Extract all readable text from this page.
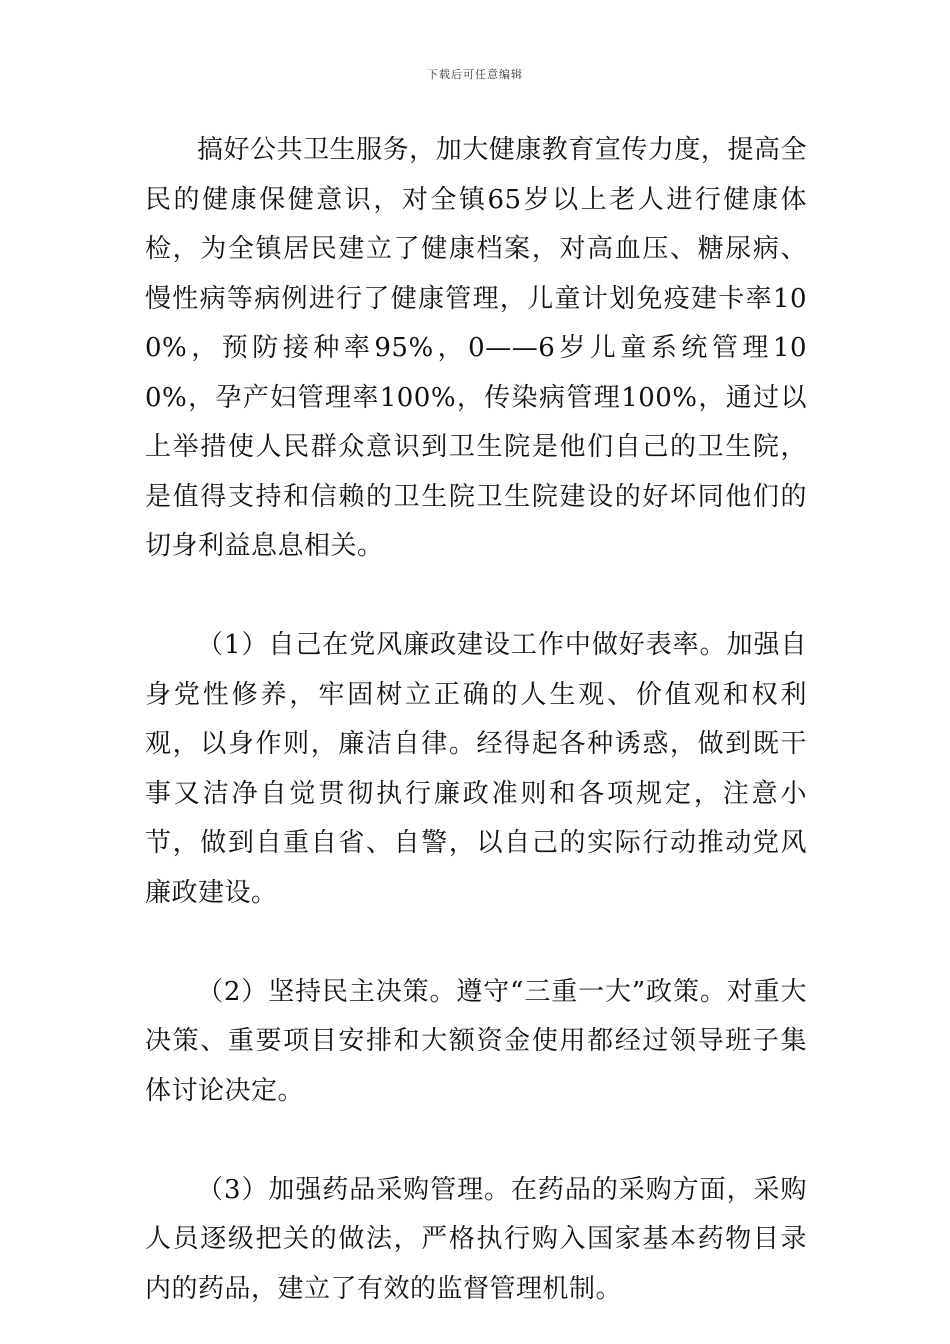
下载后可任意编辑

搞好公共卫生服务，加大健康教育宣传力度，提高全民的健康保健意识，对全镇65岁以上老人进行健康体检，为全镇居民建立了健康档案，对高血压、糖尿病、慢性病等病例进行了健康管理，儿童计划免疫建卡率100%，预防接种率95%，0——6岁儿童系统管理100%，孕产妇管理率100%，传染病管理100%，通过以上举措使人民群众意识到卫生院是他们自己的卫生院，是值得支持和信赖的卫生院卫生院建设的好坏同他们的切身利益息息相关。

（1）自己在党风廉政建设工作中做好表率。加强自身党性修养，牢固树立正确的人生观、价值观和权利观，以身作则，廉洁自律。经得起各种诱惑，做到既干事又洁净自觉贯彻执行廉政准则和各项规定，注意小节，做到自重自省、自警，以自己的实际行动推动党风廉政建设。

（2）坚持民主决策。遵守“三重一大”政策。对重大决策、重要项目安排和大额资金使用都经过领导班子集体讨论决定。

（3）加强药品采购管理。在药品的采购方面，采购人员逐级把关的做法，严格执行购入国家基本药物目录内的药品，建立了有效的监督管理机制。
